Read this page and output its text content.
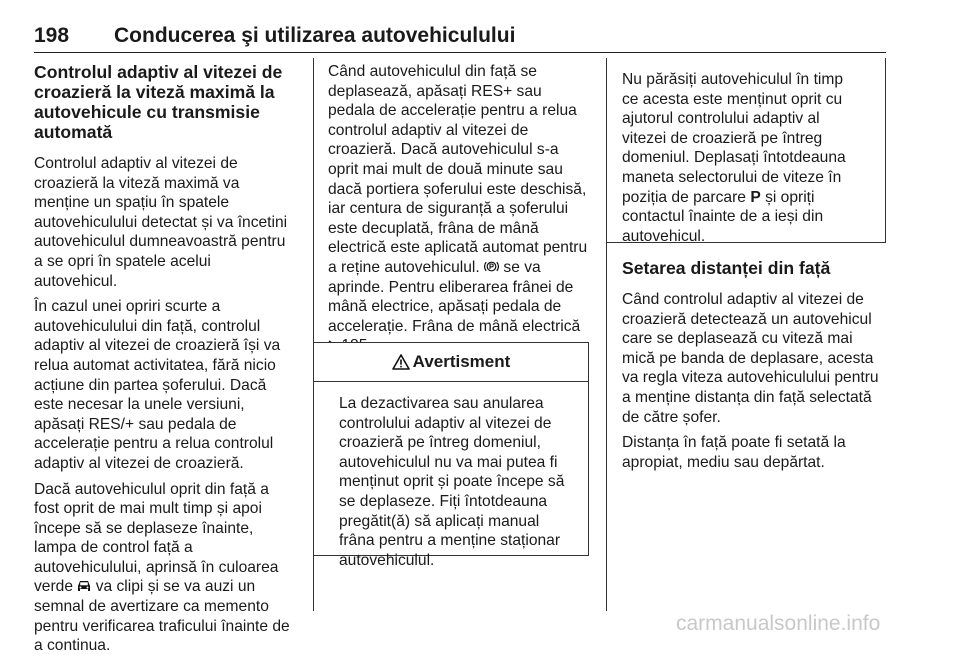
198 Conducerea şi utilizarea autovehiculului
Controlul adaptiv al vitezei de
croazieră la viteză maximă la
autovehicule cu transmisie
automată

Controlul adaptiv al vitezei de
croazieră la viteză maximă va
menține un spațiu în spatele
autovehiculului detectat și va încetini
autovehiculul dumneavoastră pentru
a se opri în spatele acelui
autovehicul.

În cazul unei opriri scurte a
autovehiculului din față, controlul
adaptiv al vitezei de croazieră își va
relua automat activitatea, fără nicio
acțiune din partea șoferului. Dacă
este necesar la unele versiuni,
apăsați RES/+ sau pedala de
accelerație pentru a relua controlul
adaptiv al vitezei de croazieră.

Dacă autovehiculul oprit din față a
fost oprit de mai mult timp și apoi
începe să se deplaseze înainte,
lampa de control față a
autovehiculului, aprinsă în culoarea
verde va clipi și se va auzi un
semnal de avertizare ca memento
pentru verificarea traficului înainte de
a continua.

Când autovehiculul din față se
deplasează, apăsați RES+ sau
pedala de accelerație pentru a relua
controlul adaptiv al vitezei de
croazieră. Dacă autovehiculul s-a
oprit mai mult de două minute sau
dacă portiera șoferului este deschisă,
iar centura de siguranță a șoferului
este decuplată, frâna de mână
electrică este aplicată automat pentru
a reține autovehiculul. se va
aprinde. Pentru eliberarea frânei de
mână electrice, apăsați pedala de
accelerație. Frâna de mână electrică

Avertisment
La dezactivarea sau anularea
controlului adaptiv al vitezei de
croazieră pe întreg domeniul,
autovehiculul nu va mai putea fi
menținut oprit și poate începe să
se deplaseze. Fiți întotdeauna
pregătit(ă) să aplicați manual
frâna pentru a menține staționar
autovehiculul.
Nu părăsiți autovehiculul în timp
ce acesta este menținut oprit cu
ajutorul controlului adaptiv al
vitezei de croazieră pe întreg
domeniul. Deplasați întotdeauna
maneta selectorului de viteze în
poziția de parcare P și opriți
contactul înainte de a ieși din
autovehicul.
Setarea distanței din față

Când controlul adaptiv al vitezei de
croazieră detectează un autovehicul
care se deplasează cu viteză mai
mică pe banda de deplasare, acesta
va regla viteza autovehiculului pentru
a menține distanța din față selectată
de către șofer.

Distanța în față poate fi setată la
apropiat, mediu sau depărtat.

carmanualsonline.info
